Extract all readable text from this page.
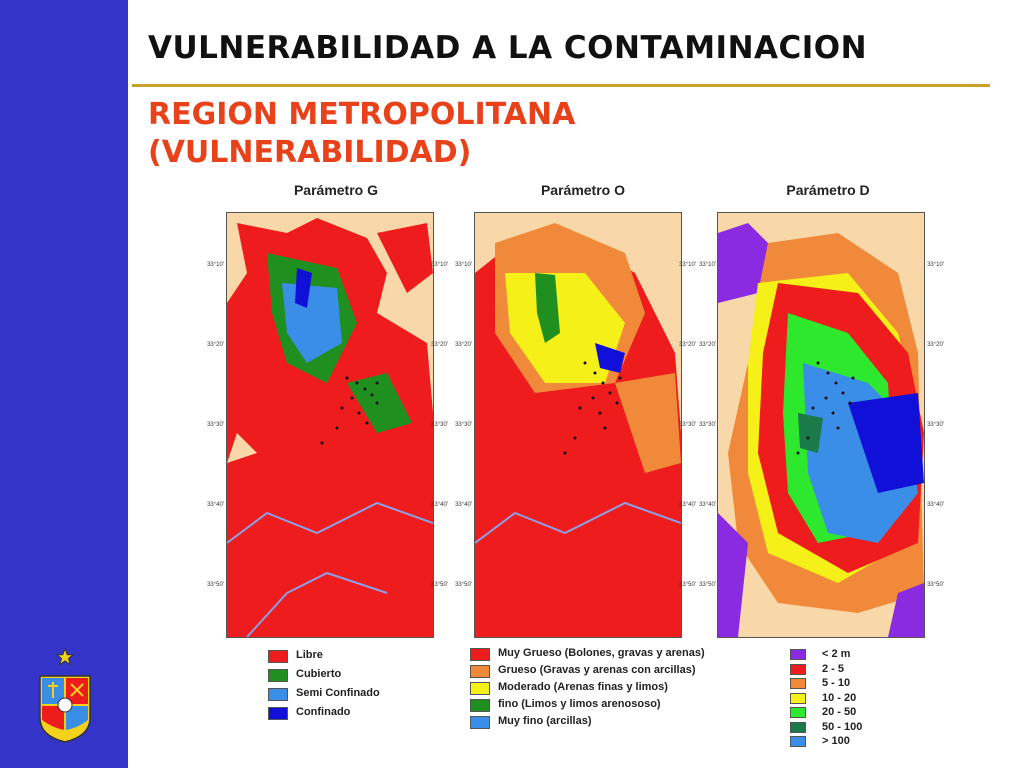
VULNERABILIDAD A LA CONTAMINACION
REGION METROPOLITANA
(VULNERABILIDAD)
Parámetro G	Parámetro O	Parámetro D
33°10'
33°20'
33°30'
33°40'
33°50'
33°10'
33°20'
33°30'
33°40'
33°50'
33°10'
33°20'
33°30'
33°40'
33°50'
33°10'
33°20'
33°30'
33°40'
33°50'
33°10'
33°20'
33°30'
33°40'
33°50'
33°10'
33°20'
33°30'
33°40'
33°50'
Libre
Cubierto
Semi Confinado
Confinado
Muy Grueso (Bolones, gravas y arenas)
Grueso (Gravas y arenas con arcillas)
Moderado (Arenas finas y limos)
fino (Limos y limos arenososo)
Muy fino (arcillas)
< 2 m
2 - 5
5 - 10
10 - 20
20 - 50
50 - 100
> 100
